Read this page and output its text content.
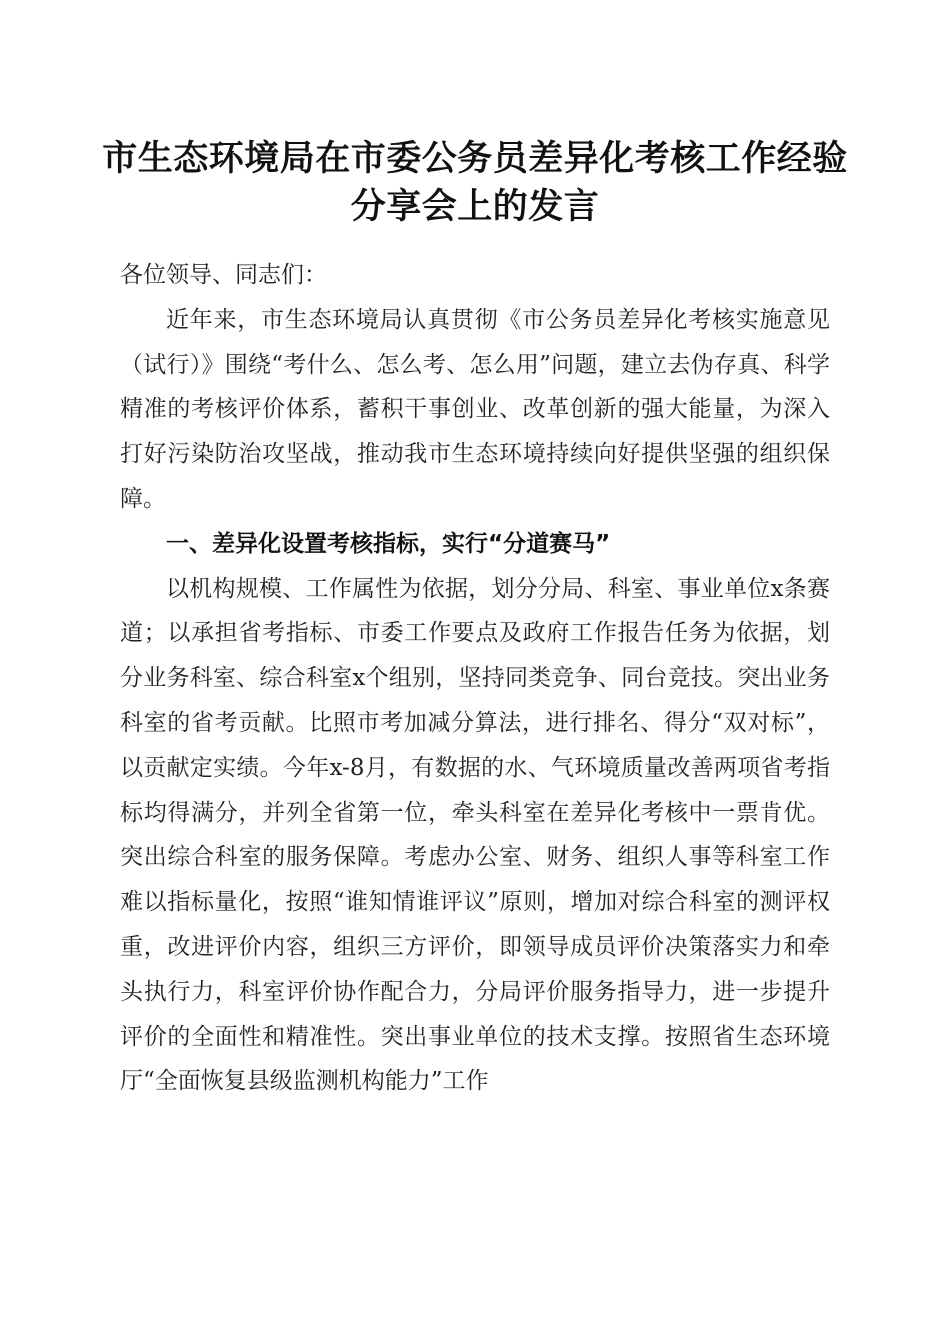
市生态环境局在市委公务员差异化考核工作经验分享会上的发言

各位领导、同志们：

近年来，市生态环境局认真贯彻《市公务员差异化考核实施意见（试行）》围绕“考什么、怎么考、怎么用”问题，建立去伪存真、科学精准的考核评价体系，蓄积干事创业、改革创新的强大能量，为深入打好污染防治攻坚战，推动我市生态环境持续向好提供坚强的组织保障。

一、差异化设置考核指标，实行“分道赛马”

以机构规模、工作属性为依据，划分分局、科室、事业单位x条赛道；以承担省考指标、市委工作要点及政府工作报告任务为依据，划分业务科室、综合科室x个组别，坚持同类竞争、同台竞技。突出业务科室的省考贡献。比照市考加减分算法，进行排名、得分“双对标”，以贡献定实绩。今年x-8月，有数据的水、气环境质量改善两项省考指标均得满分，并列全省第一位，牵头科室在差异化考核中一票肯优。突出综合科室的服务保障。考虑办公室、财务、组织人事等科室工作难以指标量化，按照“谁知情谁评议”原则，增加对综合科室的测评权重，改进评价内容，组织三方评价，即领导成员评价决策落实力和牵头执行力，科室评价协作配合力，分局评价服务指导力，进一步提升评价的全面性和精准性。突出事业单位的技术支撑。按照省生态环境厅“全面恢复县级监测机构能力”工作
